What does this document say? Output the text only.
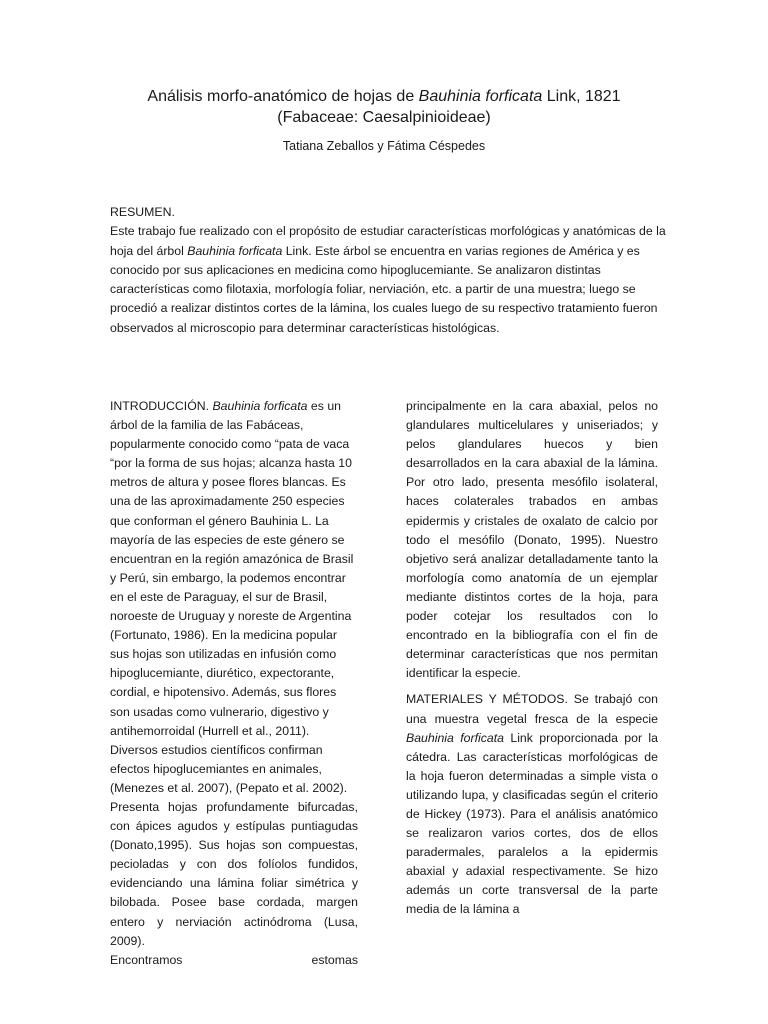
Análisis morfo-anatómico de hojas de Bauhinia forficata Link, 1821
(Fabaceae: Caesalpinioideae)
Tatiana Zeballos y Fátima Céspedes

RESUMEN.

Este trabajo fue realizado con el propósito de estudiar características morfológicas y anatómicas de la hoja del árbol Bauhinia forficata Link. Este árbol se encuentra en varias regiones de América y es conocido por sus aplicaciones en medicina como hipoglucemiante. Se analizaron distintas características como filotaxia, morfología foliar, nerviación, etc. a partir de una muestra; luego se procedió a realizar distintos cortes de la lámina, los cuales luego de su respectivo tratamiento fueron observados al microscopio para determinar características histológicas.

INTRODUCCIÓN. Bauhinia forficata es un árbol de la familia de las Fabáceas, popularmente conocido como “pata de vaca “por la forma de sus hojas; alcanza hasta 10 metros de altura y posee flores blancas. Es una de las aproximadamente 250 especies que conforman el género Bauhinia L. La mayoría de las especies de este género se encuentran en la región amazónica de Brasil y Perú, sin embargo, la podemos encontrar en el este de Paraguay, el sur de Brasil, noroeste de Uruguay y noreste de Argentina (Fortunato, 1986). En la medicina popular sus hojas son utilizadas en infusión como hipoglucemiante, diurético, expectorante, cordial, e hipotensivo. Además, sus flores son usadas como vulnerario, digestivo y antihemorroidal (Hurrell et al., 2011). Diversos estudios científicos confirman efectos hipoglucemiantes en animales, (Menezes et al. 2007), (Pepato et al. 2002).

Presenta hojas profundamente bifurcadas, con ápices agudos y estípulas puntiagudas (Donato,1995). Sus hojas son compuestas, pecioladas y con dos folíolos fundidos, evidenciando una lámina foliar simétrica y bilobada. Posee base cordada, margen entero y nerviación actinódroma (Lusa, 2009).

Encontramos estomas

principalmente en la cara abaxial, pelos no glandulares multicelulares y uniseriados; y pelos glandulares huecos y bien desarrollados en la cara abaxial de la lámina. Por otro lado, presenta mesófilo isolateral, haces colaterales trabados en ambas epidermis y cristales de oxalato de calcio por todo el mesófilo (Donato, 1995). Nuestro objetivo será analizar detalladamente tanto la morfología como anatomía de un ejemplar mediante distintos cortes de la hoja, para poder cotejar los resultados con lo encontrado en la bibliografía con el fin de determinar características que nos permitan identificar la especie.

MATERIALES Y MÉTODOS. Se trabajó con una muestra vegetal fresca de la especie Bauhinia forficata Link proporcionada por la cátedra. Las características morfológicas de la hoja fueron determinadas a simple vista o utilizando lupa, y clasificadas según el criterio de Hickey (1973). Para el análisis anatómico se realizaron varios cortes, dos de ellos paradermales, paralelos a la epidermis abaxial y adaxial respectivamente. Se hizo además un corte transversal de la parte media de la lámina a
